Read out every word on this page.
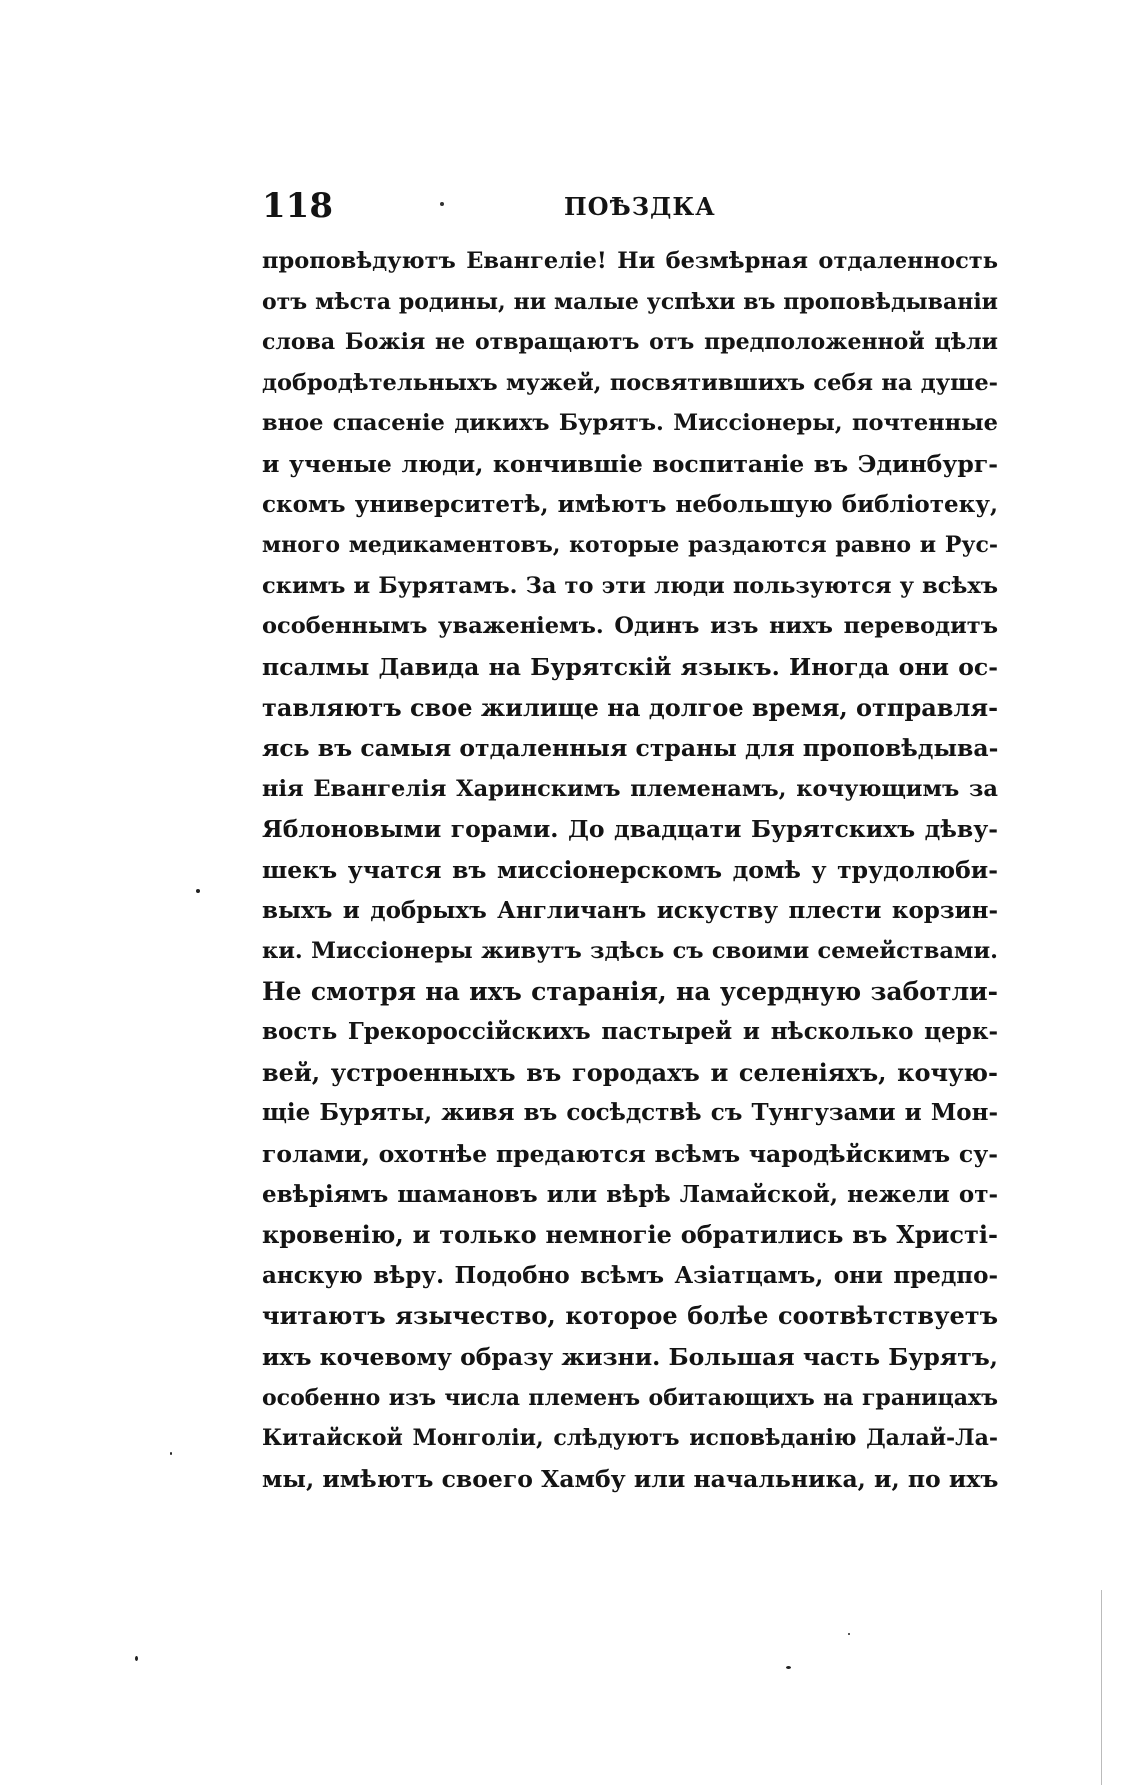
118	ПОѢЗДКА
проповѣдуютъ Евангеліе! Ни безмѣрная отдаленность
отъ мѣста родины, ни малые успѣхи въ проповѣдываніи
слова Божія не отвращаютъ отъ предположенной цѣли
добродѣтельныхъ мужей, посвятившихъ себя на душе-
вное спасеніе дикихъ Бурятъ. Миссіонеры, почтенные
и ученые люди, кончившіе воспитаніе въ Эдинбург-
скомъ университетѣ, имѣютъ небольшую библіотеку,
много медикаментовъ, которые раздаются равно и Рус-
скимъ и Бурятамъ. За то эти люди пользуются у всѣхъ
особеннымъ уваженіемъ. Одинъ изъ нихъ переводитъ
псалмы Давида на Бурятскій языкъ. Иногда они ос-
тавляютъ свое жилище на долгое время, отправля-
ясь въ самыя отдаленныя страны для проповѣдыва-
нія Евангелія Харинскимъ племенамъ, кочующимъ за
Яблоновыми горами. До двадцати Бурятскихъ дѣву-
шекъ учатся въ миссіонерскомъ домѣ у трудолюби-
выхъ и добрыхъ Англичанъ искуству плести корзин-
ки. Миссіонеры живутъ здѣсь съ своими семействами.
Не смотря на ихъ старанія, на усердную заботли-
вость Грекороссійскихъ пастырей и нѣсколько церк-
вей, устроенныхъ въ городахъ и селеніяхъ, кочую-
щіе Буряты, живя въ сосѣдствѣ съ Тунгузами и Мон-
голами, охотнѣе предаются всѣмъ чародѣйскимъ су-
евѣріямъ шамановъ или вѣрѣ Ламайской, нежели от-
кровенію, и только немногіе обратились въ Христі-
анскую вѣру. Подобно всѣмъ Азіатцамъ, они предпо-
читаютъ язычество, которое болѣе соотвѣтствуетъ
ихъ кочевому образу жизни. Большая часть Бурятъ,
особенно изъ числа племенъ обитающихъ на границахъ
Китайской Монголіи, слѣдуютъ исповѣданію Далай-Ла-
мы, имѣютъ своего Хамбу или начальника, и, по ихъ
